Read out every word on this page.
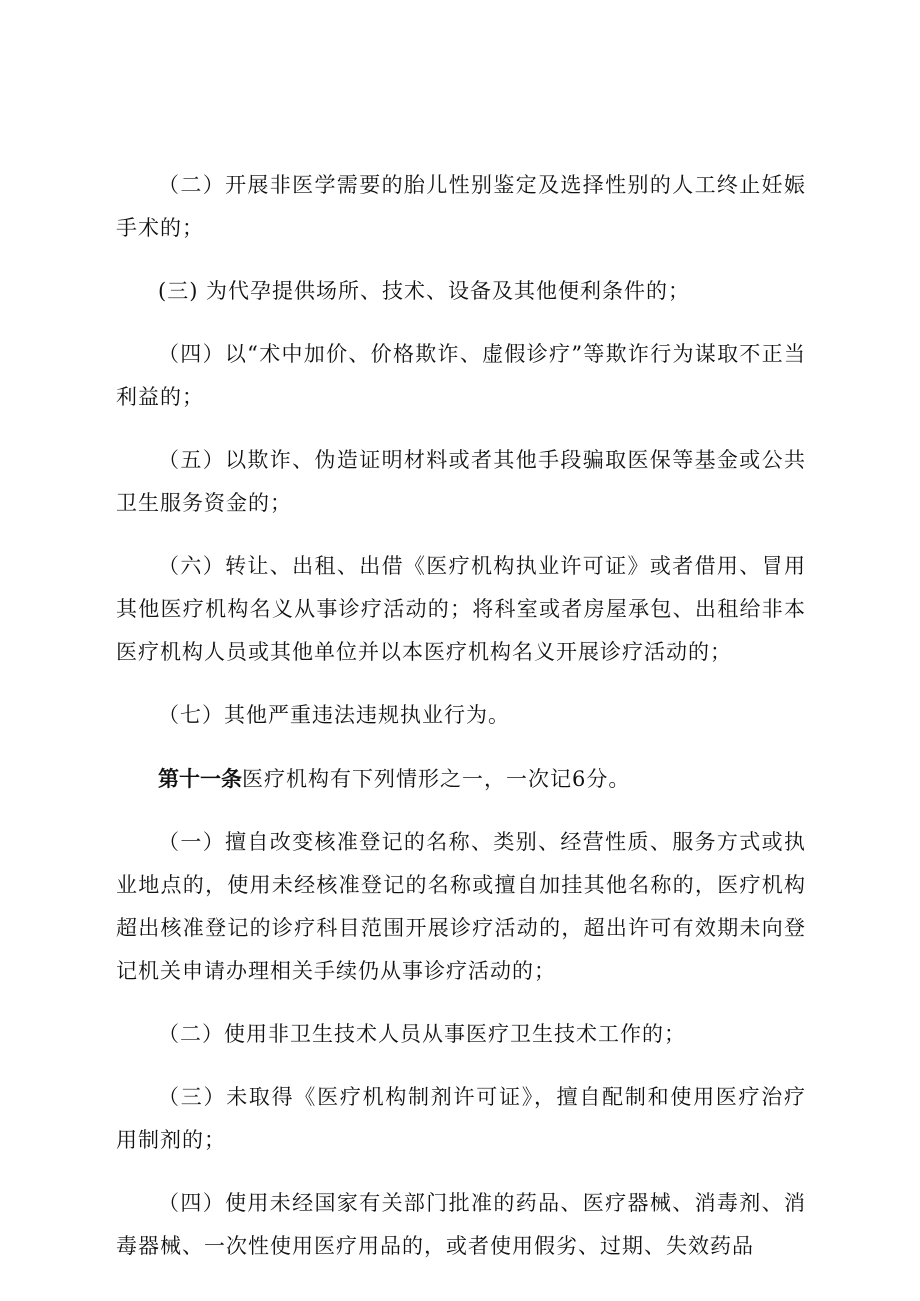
（二）开展非医学需要的胎儿性别鉴定及选择性别的人工终止妊娠手术的；

(三) 为代孕提供场所、技术、设备及其他便利条件的；

（四）以“术中加价、价格欺诈、虚假诊疗”等欺诈行为谋取不正当利益的；

（五）以欺诈、伪造证明材料或者其他手段骗取医保等基金或公共卫生服务资金的；

（六）转让、出租、出借《医疗机构执业许可证》或者借用、冒用其他医疗机构名义从事诊疗活动的；将科室或者房屋承包、出租给非本医疗机构人员或其他单位并以本医疗机构名义开展诊疗活动的；

（七）其他严重违法违规执业行为。

第十一条医疗机构有下列情形之一，一次记6分。

（一）擅自改变核准登记的名称、类别、经营性质、服务方式或执业地点的，使用未经核准登记的名称或擅自加挂其他名称的，医疗机构超出核准登记的诊疗科目范围开展诊疗活动的，超出许可有效期未向登记机关申请办理相关手续仍从事诊疗活动的；

（二）使用非卫生技术人员从事医疗卫生技术工作的；

（三）未取得《医疗机构制剂许可证》，擅自配制和使用医疗治疗用制剂的；

（四）使用未经国家有关部门批准的药品、医疗器械、消毒剂、消毒器械、一次性使用医疗用品的，或者使用假劣、过期、失效药品
